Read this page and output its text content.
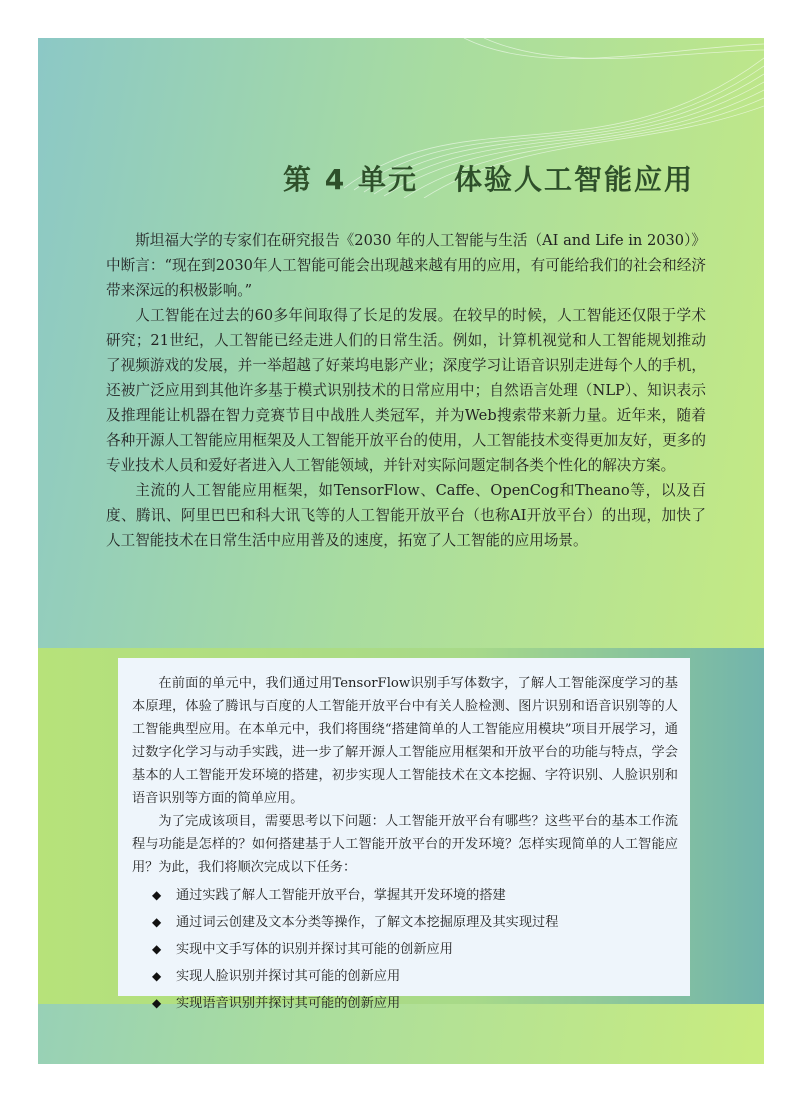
第 4 单元 体验人工智能应用

斯坦福大学的专家们在研究报告《2030 年的人工智能与生活（AI and Life in 2030）》中断言：“现在到2030年人工智能可能会出现越来越有用的应用，有可能给我们的社会和经济带来深远的积极影响。”

人工智能在过去的60多年间取得了长足的发展。在较早的时候，人工智能还仅限于学术研究；21世纪，人工智能已经走进人们的日常生活。例如，计算机视觉和人工智能规划推动了视频游戏的发展，并一举超越了好莱坞电影产业；深度学习让语音识别走进每个人的手机，还被广泛应用到其他许多基于模式识别技术的日常应用中；自然语言处理（NLP）、知识表示及推理能让机器在智力竞赛节目中战胜人类冠军，并为Web搜索带来新力量。近年来，随着各种开源人工智能应用框架及人工智能开放平台的使用，人工智能技术变得更加友好，更多的专业技术人员和爱好者进入人工智能领域，并针对实际问题定制各类个性化的解决方案。

主流的人工智能应用框架，如TensorFlow、Caffe、OpenCog和Theano等，以及百度、腾讯、阿里巴巴和科大讯飞等的人工智能开放平台（也称AI开放平台）的出现，加快了人工智能技术在日常生活中应用普及的速度，拓宽了人工智能的应用场景。

在前面的单元中，我们通过用TensorFlow识别手写体数字，了解人工智能深度学习的基本原理，体验了腾讯与百度的人工智能开放平台中有关人脸检测、图片识别和语音识别等的人工智能典型应用。在本单元中，我们将围绕“搭建简单的人工智能应用模块”项目开展学习，通过数字化学习与动手实践，进一步了解开源人工智能应用框架和开放平台的功能与特点，学会基本的人工智能开发环境的搭建，初步实现人工智能技术在文本挖掘、字符识别、人脸识别和语音识别等方面的简单应用。

为了完成该项目，需要思考以下问题：人工智能开放平台有哪些？这些平台的基本工作流程与功能是怎样的？如何搭建基于人工智能开放平台的开发环境？怎样实现简单的人工智能应用？为此，我们将顺次完成以下任务：

◆	通过实践了解人工智能开放平台，掌握其开发环境的搭建
◆	通过词云创建及文本分类等操作，了解文本挖掘原理及其实现过程
◆	实现中文手写体的识别并探讨其可能的创新应用
◆	实现人脸识别并探讨其可能的创新应用
◆	实现语音识别并探讨其可能的创新应用
